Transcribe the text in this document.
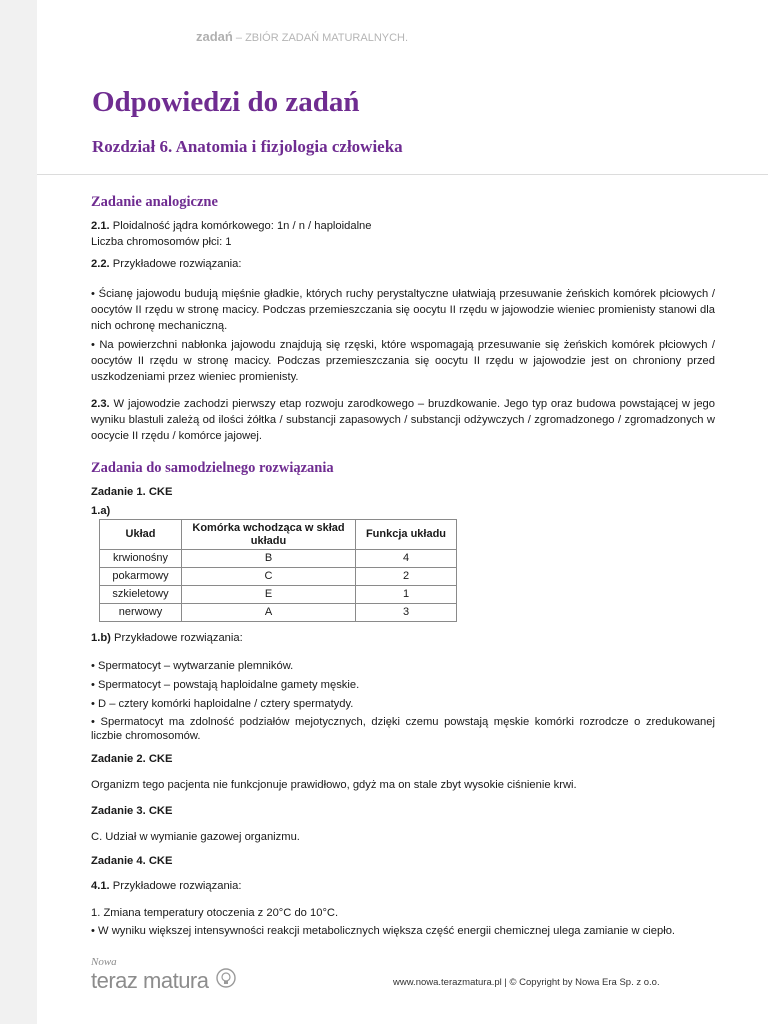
zadań – ZBIÓR ZADAŃ MATURALNYCH.
Odpowiedzi do zadań
Rozdział 6. Anatomia i fizjologia człowieka
Zadanie analogiczne

2.1. Ploidalność jądra komórkowego: 1n / n / haploidalne
Liczba chromosomów płci: 1

2.2. Przykładowe rozwiązania:

• Ścianę jajowodu budują mięśnie gładkie, których ruchy perystaltyczne ułatwiają przesuwanie żeńskich komórek płciowych / oocytów II rzędu w stronę macicy. Podczas przemieszczania się oocytu II rzędu w jajowodzie wieniec promienisty stanowi dla nich ochronę mechaniczną.

• Na powierzchni nabłonka jajowodu znajdują się rzęski, które wspomagają przesuwanie się żeńskich komórek płciowych / oocytów II rzędu w stronę macicy. Podczas przemieszczania się oocytu II rzędu w jajowodzie jest on chroniony przed uszkodzeniami przez wieniec promienisty.

2.3. W jajowodzie zachodzi pierwszy etap rozwoju zarodkowego – bruzdkowanie. Jego typ oraz budowa powstającej w jego wyniku blastuli zależą od ilości żółtka / substancji zapasowych / substancji odżywczych / zgromadzonego / zgromadzonych w oocycie II rzędu / komórce jajowej.

Zadania do samodzielnego rozwiązania

Zadanie 1. CKE

1.a)

Układ	Komórka wchodząca w skład układu	Funkcja układu
krwionośny	B	4
pokarmowy	C	2
szkieletowy	E	1
nerwowy	A	3

1.b) Przykładowe rozwiązania:

• Spermatocyt – wytwarzanie plemników.

• Spermatocyt – powstają haploidalne gamety męskie.

• D – cztery komórki haploidalne / cztery spermatydy.

• Spermatocyt ma zdolność podziałów mejotycznych, dzięki czemu powstają męskie komórki rozrodcze o zredukowanej liczbie chromosomów.

Zadanie 2. CKE

Organizm tego pacjenta nie funkcjonuje prawidłowo, gdyż ma on stale zbyt wysokie ciśnienie krwi.

Zadanie 3. CKE

C. Udział w wymianie gazowej organizmu.

Zadanie 4. CKE

4.1. Przykładowe rozwiązania:

1. Zmiana temperatury otoczenia z 20°C do 10°C.

• W wyniku większej intensywności reakcji metabolicznych większa część energii chemicznej ulega zamianie w ciepło.

Nowa
teraz matura	www.nowa.terazmatura.pl | © Copyright by Nowa Era Sp. z o.o.
